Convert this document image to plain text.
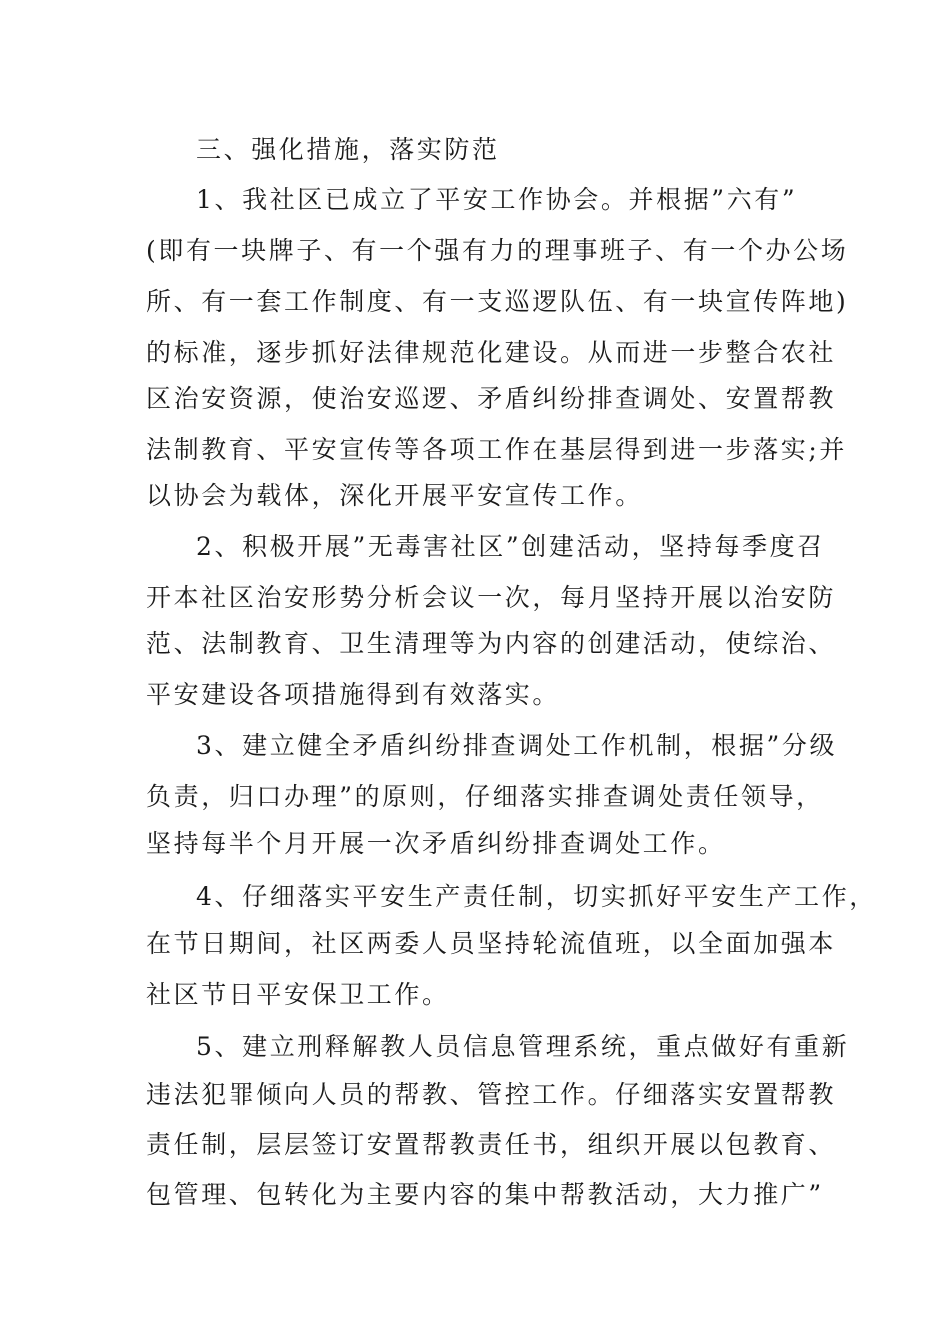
三、强化措施，落实防范
1、我社区已成立了平安工作协会。并根据”六有”
(即有一块牌子、有一个强有力的理事班子、有一个办公场
所、有一套工作制度、有一支巡逻队伍、有一块宣传阵地)
的标准，逐步抓好法律规范化建设。从而进一步整合农社
区治安资源，使治安巡逻、矛盾纠纷排查调处、安置帮教
法制教育、平安宣传等各项工作在基层得到进一步落实;并
以协会为载体，深化开展平安宣传工作。
2、积极开展”无毒害社区”创建活动，坚持每季度召
开本社区治安形势分析会议一次，每月坚持开展以治安防
范、法制教育、卫生清理等为内容的创建活动，使综治、
平安建设各项措施得到有效落实。
3、建立健全矛盾纠纷排查调处工作机制，根据”分级
负责，归口办理”的原则，仔细落实排查调处责任领导，
坚持每半个月开展一次矛盾纠纷排查调处工作。
4、仔细落实平安生产责任制，切实抓好平安生产工作，
在节日期间，社区两委人员坚持轮流值班，以全面加强本
社区节日平安保卫工作。
5、建立刑释解教人员信息管理系统，重点做好有重新
违法犯罪倾向人员的帮教、管控工作。仔细落实安置帮教
责任制，层层签订安置帮教责任书，组织开展以包教育、
包管理、包转化为主要内容的集中帮教活动，大力推广”
